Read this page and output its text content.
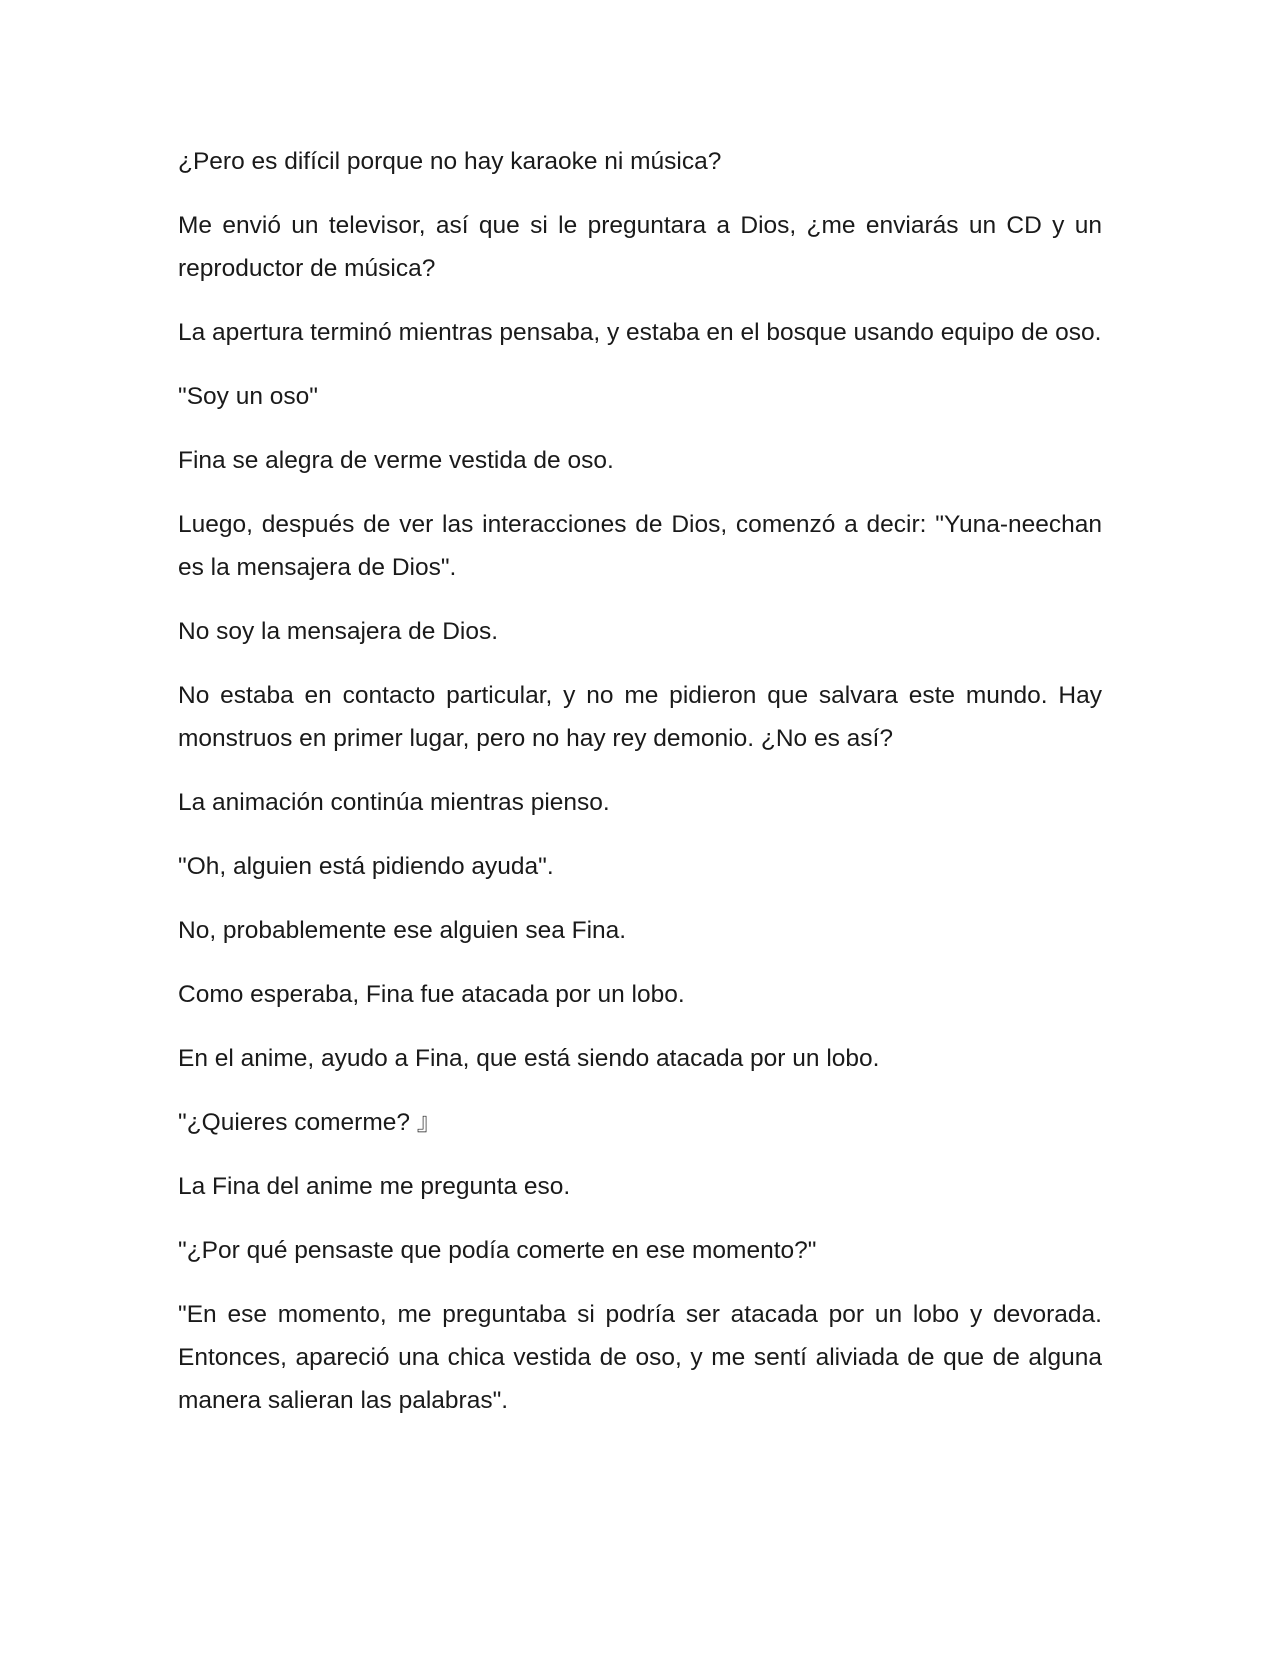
¿Pero es difícil porque no hay karaoke ni música?

Me envió un televisor, así que si le preguntara a Dios, ¿me enviarás un CD y un reproductor de música?

La apertura terminó mientras pensaba, y estaba en el bosque usando equipo de oso.

"Soy un oso"

Fina se alegra de verme vestida de oso.

Luego, después de ver las interacciones de Dios, comenzó a decir: "Yuna-neechan es la mensajera de Dios".

No soy la mensajera de Dios.

No estaba en contacto particular, y no me pidieron que salvara este mundo. Hay monstruos en primer lugar, pero no hay rey demonio. ¿No es así?

La animación continúa mientras pienso.

"Oh, alguien está pidiendo ayuda".

No, probablemente ese alguien sea Fina.

Como esperaba, Fina fue atacada por un lobo.

En el anime, ayudo a Fina, que está siendo atacada por un lobo.

"¿Quieres comerme? 』

La Fina del anime me pregunta eso.

"¿Por qué pensaste que podía comerte en ese momento?"

"En ese momento, me preguntaba si podría ser atacada por un lobo y devorada. Entonces, apareció una chica vestida de oso, y me sentí aliviada de que de alguna manera salieran las palabras".
